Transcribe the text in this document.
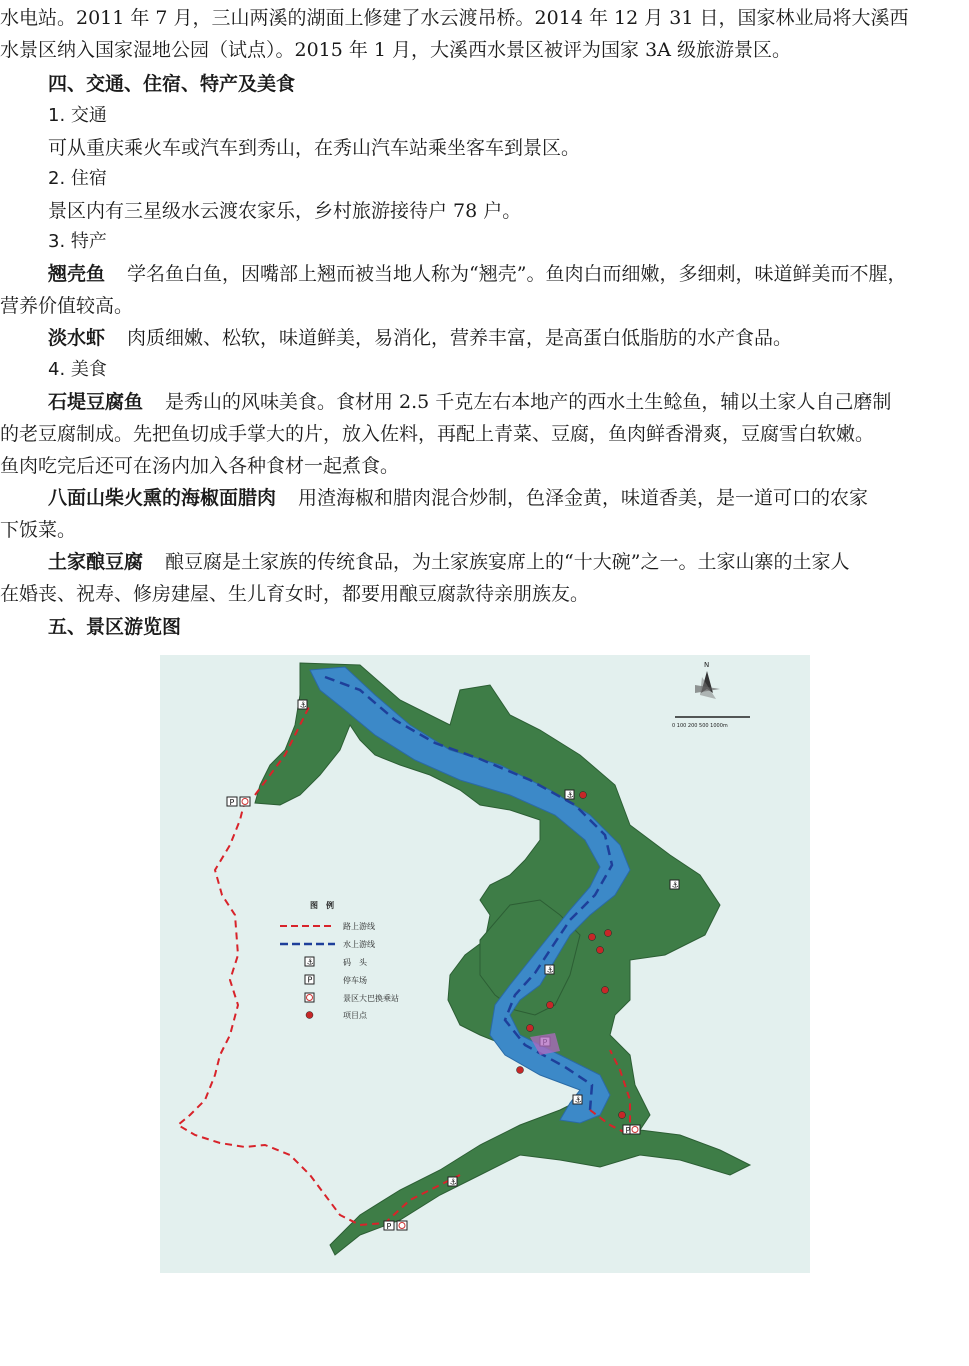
水电站。2011 年 7 月，三山两溪的湖面上修建了水云渡吊桥。2014 年 12 月 31 日，国家林业局将大溪西
水景区纳入国家湿地公园（试点）。2015 年 1 月，大溪西水景区被评为国家 3A 级旅游景区。
四、交通、住宿、特产及美食
1. 交通
可从重庆乘火车或汽车到秀山，在秀山汽车站乘坐客车到景区。
2. 住宿
景区内有三星级水云渡农家乐，乡村旅游接待户 78 户。
3. 特产
翘壳鱼 学名鱼白鱼，因嘴部上翘而被当地人称为“翘壳”。鱼肉白而细嫩，多细刺，味道鲜美而不腥，
营养价值较高。
淡水虾 肉质细嫩、松软，味道鲜美，易消化，营养丰富，是高蛋白低脂肪的水产食品。
4. 美食
石堤豆腐鱼 是秀山的风味美食。食材用 2.5 千克左右本地产的西水土生鲶鱼，辅以土家人自己磨制
的老豆腐制成。先把鱼切成手掌大的片，放入佐料，再配上青菜、豆腐，鱼肉鲜香滑爽，豆腐雪白软嫩。
鱼肉吃完后还可在汤内加入各种食材一起煮食。
八面山柴火熏的海椒面腊肉 用渣海椒和腊肉混合炒制，色泽金黄，味道香美，是一道可口的农家
下饭菜。
土家酿豆腐 酿豆腐是土家族的传统食品，为土家族宴席上的“十大碗”之一。土家山寨的土家人
在婚丧、祝寿、修房建屋、生儿育女时，都要用酿豆腐款待亲朋族友。
五、景区游览图
P
P
P
⚓
⚓
⚓
⚓
⚓
⚓
图　例
路上游线
水上游线
⚓	码　头
P	停车场
景区大巴换乘站
项目点
N
0 100 200 500 1000m
